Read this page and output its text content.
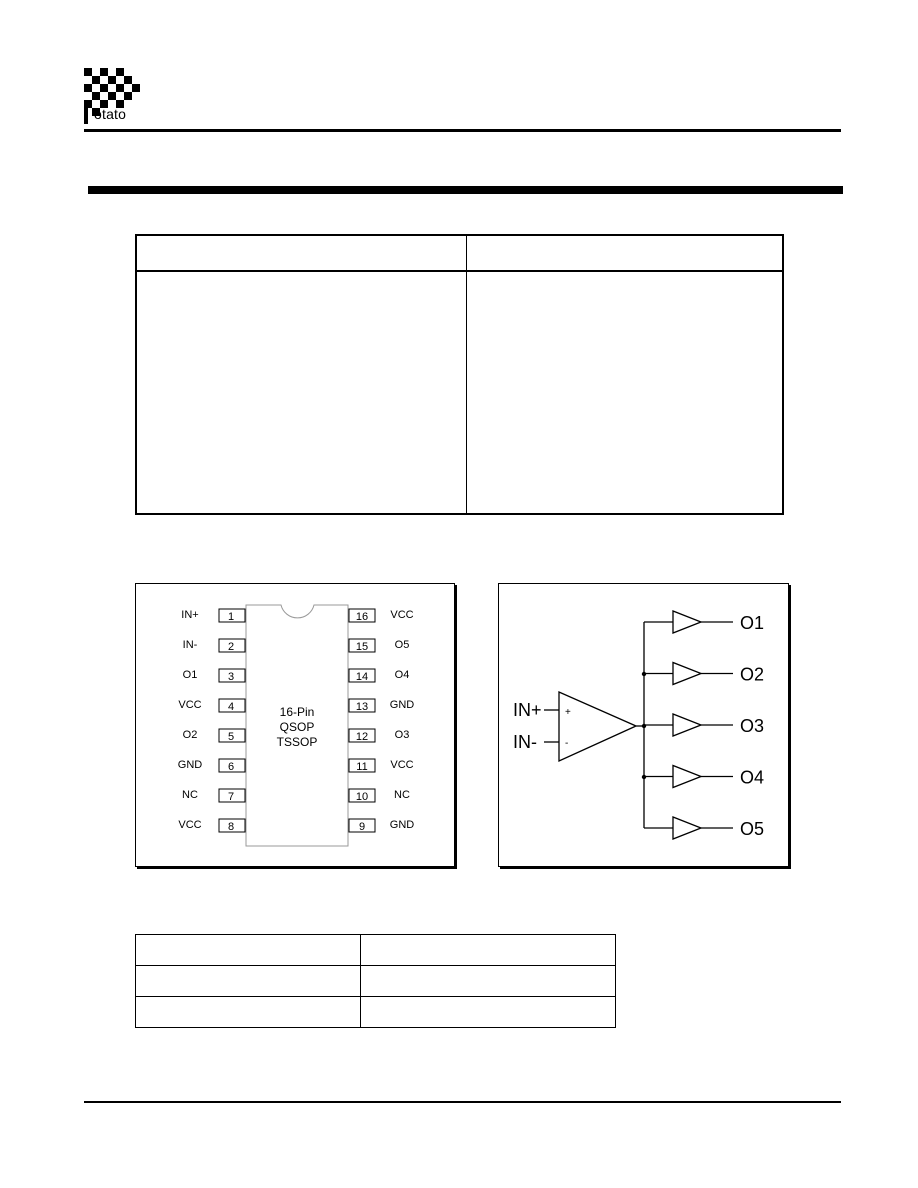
otato

16-Pin
QSOP
TSSOP
1
IN+
2
IN-
3
O1
4
VCC
5
O2
6
GND
7
NC
8
VCC
16 VCC
15 O5
14 O4
13 GND
12 O3
11 VCC
10 NC
9 GND
+
-
IN+
IN-
O1
O2
O3
O4
O5
